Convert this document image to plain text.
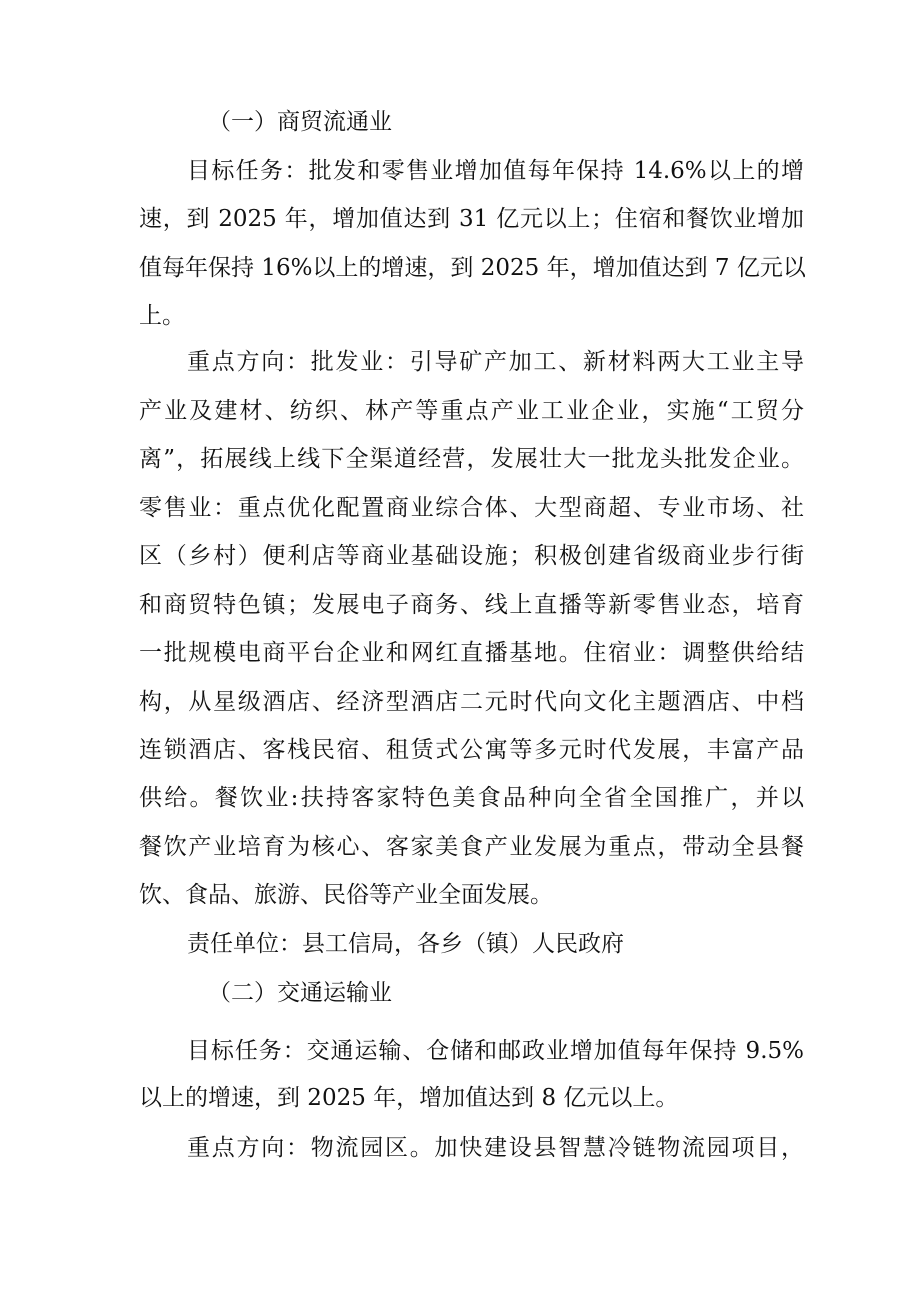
（一）商贸流通业
目标任务：批发和零售业增加值每年保持 14.6%以上的增
速，到 2025 年，增加值达到 31 亿元以上；住宿和餐饮业增加
值每年保持 16%以上的增速，到 2025 年，增加值达到 7 亿元以
上。
重点方向：批发业：引导矿产加工、新材料两大工业主导
产业及建材、纺织、林产等重点产业工业企业，实施“工贸分
离”，拓展线上线下全渠道经营，发展壮大一批龙头批发企业。
零售业：重点优化配置商业综合体、大型商超、专业市场、社
区（乡村）便利店等商业基础设施；积极创建省级商业步行街
和商贸特色镇；发展电子商务、线上直播等新零售业态，培育
一批规模电商平台企业和网红直播基地。住宿业：调整供给结
构，从星级酒店、经济型酒店二元时代向文化主题酒店、中档
连锁酒店、客栈民宿、租赁式公寓等多元时代发展，丰富产品
供给。餐饮业:扶持客家特色美食品种向全省全国推广，并以
餐饮产业培育为核心、客家美食产业发展为重点，带动全县餐
饮、食品、旅游、民俗等产业全面发展。
责任单位：县工信局，各乡（镇）人民政府
（二）交通运输业
目标任务：交通运输、仓储和邮政业增加值每年保持 9.5%
以上的增速，到 2025 年，增加值达到 8 亿元以上。
重点方向：物流园区。加快建设县智慧冷链物流园项目，
